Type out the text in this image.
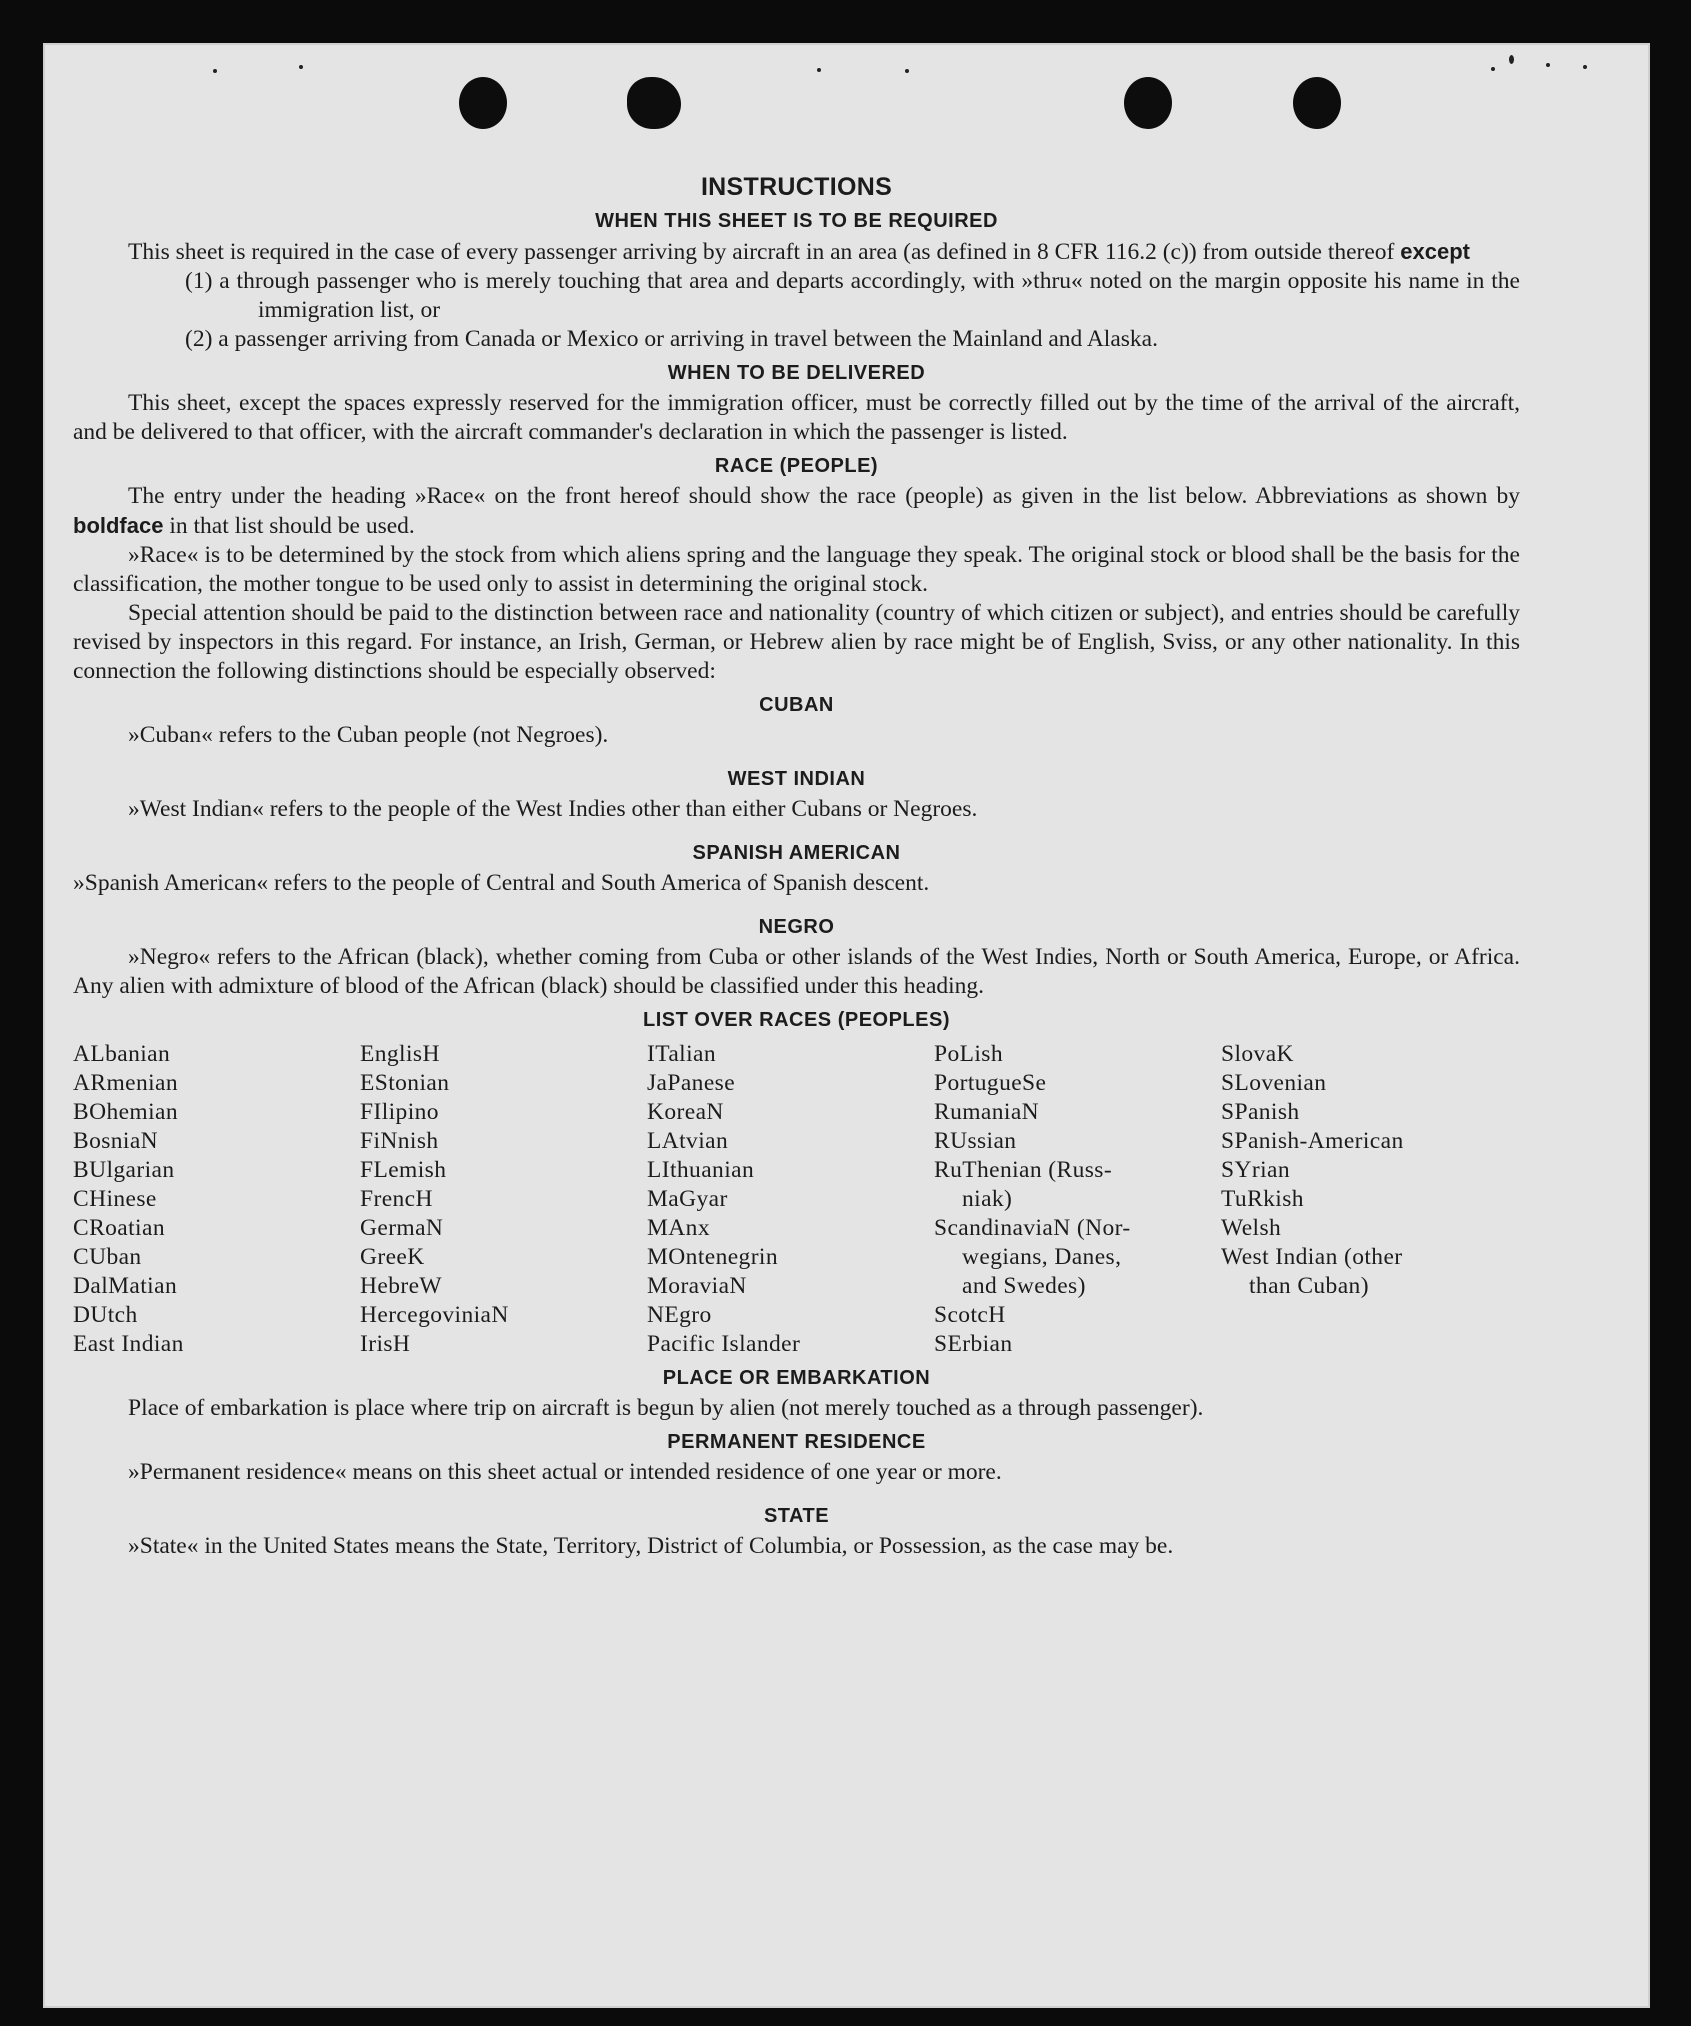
INSTRUCTIONS
WHEN THIS SHEET IS TO BE REQUIRED

This sheet is required in the case of every passenger arriving by aircraft in an area (as defined in 8 CFR 116.2 (c)) from outside thereof except

(1) a through passenger who is merely touching that area and departs accordingly, with »thru« noted on the margin opposite his name in the immigration list, or
(2) a passenger arriving from Canada or Mexico or arriving in travel between the Mainland and Alaska.
WHEN TO BE DELIVERED

This sheet, except the spaces expressly reserved for the immigration officer, must be correctly filled out by the time of the arrival of the aircraft, and be delivered to that officer, with the aircraft commander's declaration in which the passenger is listed.

RACE (PEOPLE)

The entry under the heading »Race« on the front hereof should show the race (people) as given in the list below. Abbreviations as shown by boldface in that list should be used.

»Race« is to be determined by the stock from which aliens spring and the language they speak. The original stock or blood shall be the basis for the classification, the mother tongue to be used only to assist in determining the original stock.

Special attention should be paid to the distinction between race and nationality (country of which citizen or subject), and entries should be carefully revised by inspectors in this regard. For instance, an Irish, German, or Hebrew alien by race might be of English, Sviss, or any other nationality. In this connection the following distinctions should be especially observed:

CUBAN

»Cuban« refers to the Cuban people (not Negroes).

WEST INDIAN

»West Indian« refers to the people of the West Indies other than either Cubans or Negroes.

SPANISH AMERICAN

»Spanish American« refers to the people of Central and South America of Spanish descent.

NEGRO

»Negro« refers to the African (black), whether coming from Cuba or other islands of the West Indies, North or South America, Europe, or Africa. Any alien with admixture of blood of the African (black) should be classified under this heading.

LIST OVER RACES (PEOPLES)
ALbanian
ARmenian
BOhemian
BosniaN
BUlgarian
CHinese
CRoatian
CUban
DalMatian
DUtch
East Indian
EnglisH
EStonian
FIlipino
FiNnish
FLemish
FrencH
GermaN
GreeK
HebreW
HercegoviniaN
IrisH
ITalian
JaPanese
KoreaN
LAtvian
LIthuanian
MaGyar
MAnx
MOntenegrin
MoraviaN
NEgro
Pacific Islander
PoLish
PortugueSe
RumaniaN
RUssian
RuThenian (Russ-
niak)
ScandinaviaN (Nor-
wegians, Danes,
and Swedes)
ScotcH
SErbian
SlovaK
SLovenian
SPanish
SPanish-American
SYrian
TuRkish
Welsh
West Indian (other
than Cuban)
PLACE OR EMBARKATION

Place of embarkation is place where trip on aircraft is begun by alien (not merely touched as a through passenger).

PERMANENT RESIDENCE

»Permanent residence« means on this sheet actual or intended residence of one year or more.

STATE

»State« in the United States means the State, Territory, District of Columbia, or Possession, as the case may be.
